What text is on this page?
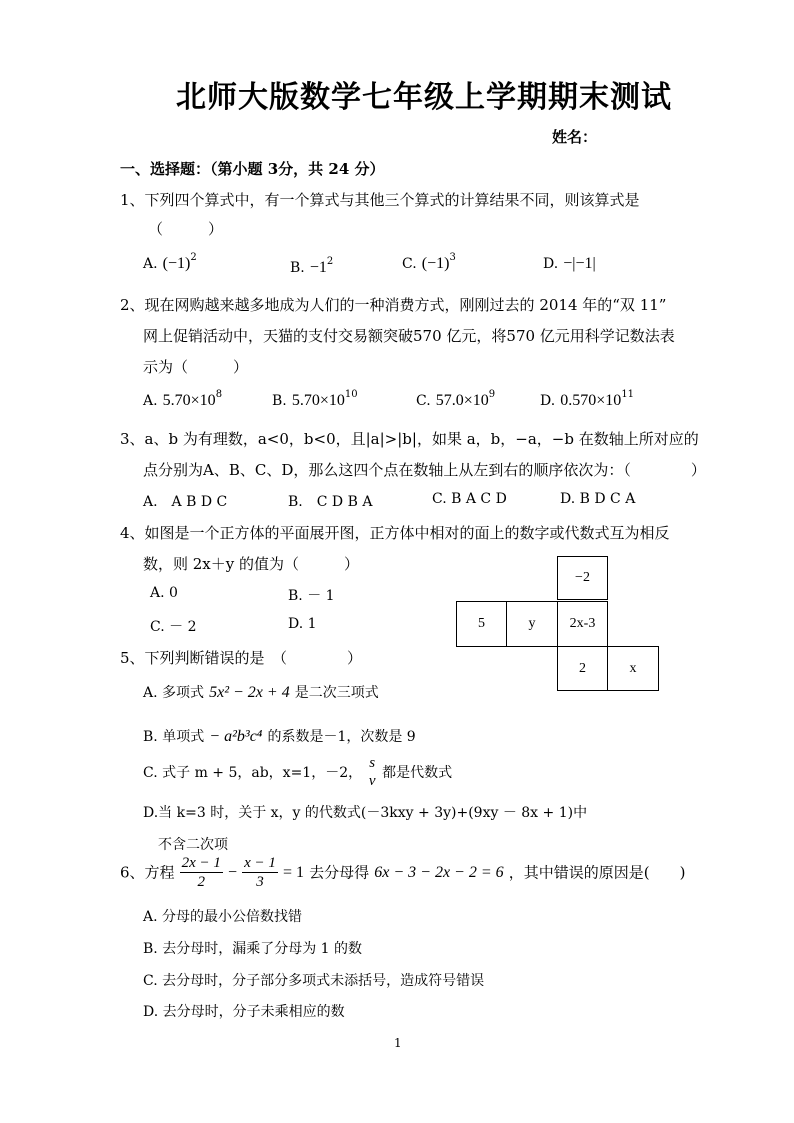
北师大版数学七年级上学期期末测试
姓名：
一、选择题：（第小题 3分，共 24 分）
1、下列四个算式中，有一个算式与其他三个算式的计算结果不同，则该算式是
（　　　）
A. $(-1)^2$
B. $-1^2$	C. $(-1)^3$	D. −|−1|
2、现在网购越来越多地成为人们的一种消费方式，刚刚过去的 2014 年的“双 11”
网上促销活动中，天猫的支付交易额突破570 亿元，将570 亿元用科学记数法表
示为（　　　）
A. $5.70\times 10^8$	B. $5.70\times 10^{10}$	C. $57.0\times 10^9$	D. $0.570\times 10^{11}$
3、a、b 为有理数，a<0，b<0，且|a|>|b|，如果 a，b，−a，−b 在数轴上所对应的
点分别为A、B、C、D，那么这四个点在数轴上从左到右的顺序依次为：（　　　　）
A.　A B D C	B.　C D B A	C. B A C D	D. B D C A
4、如图是一个正方体的平面展开图，正方体中相对的面上的数字或代数式互为相反
数，则 2x＋y 的值为（　　　）
A. 0	B. － 1
C. － 2	D. 1
−2
5	y	2x-3
2	x
5、下列判断错误的是　（　　　　）
A. 多项式 5x² − 2x + 4 是二次三项式
B. 单项式 − a²b³c⁴ 的系数是－1，次数是 9
C. 式子 m + 5，ab，x=1，－2，
s
v 都是代数式
D.当 k=3 时，关于 x，y 的代数式(－3kxy + 3y)+(9xy － 8x + 1)中
不含二次项
6、方程 $\frac{2x - 1}{2} - \frac{x - 1}{3} = 1$ 去分母得 6x − 3 − 2x − 2 = 6 ，其中错误的原因是(　　)
A. 分母的最小公倍数找错
B. 去分母时，漏乘了分母为 1 的数
C. 去分母时，分子部分多项式未添括号，造成符号错误
D. 去分母时，分子未乘相应的数
1
